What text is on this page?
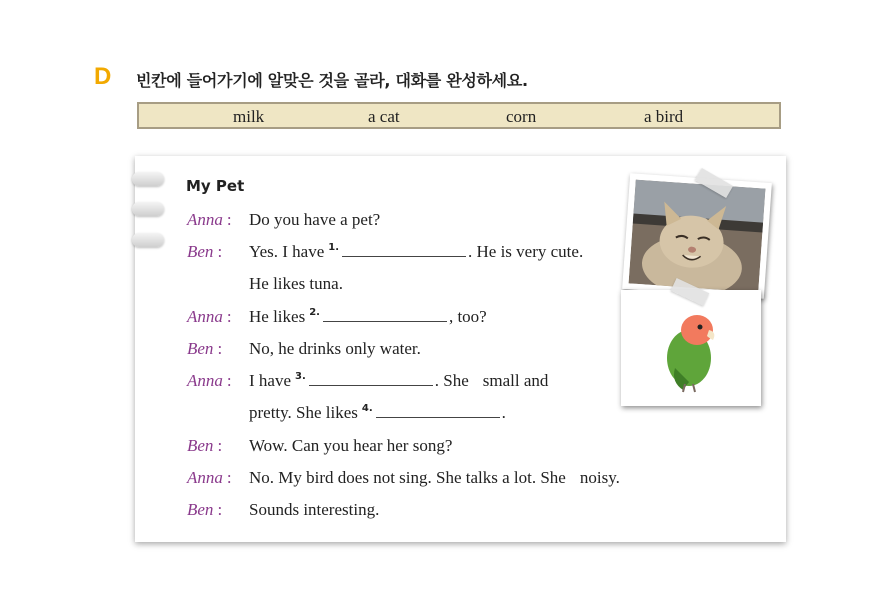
D 빈칸에 들어가기에 알맞은 것을 골라, 대화를 완성하세요.
milk	a cat	corn	a bird
My Pet
Anna : Do you have a pet?
Ben : Yes. I have $^{1.}$	. He is very cute.
He likes tuna.
Anna : He likes $^{2.}$	, too?
Ben : No, he drinks only water.
Anna : I have $^{3.}$	. She small and
pretty. She likes $^{4.}$	.
Ben : Wow. Can you hear her song?
Anna : No. My bird does not sing. She talks a lot. She noisy.
Ben : Sounds interesting.
